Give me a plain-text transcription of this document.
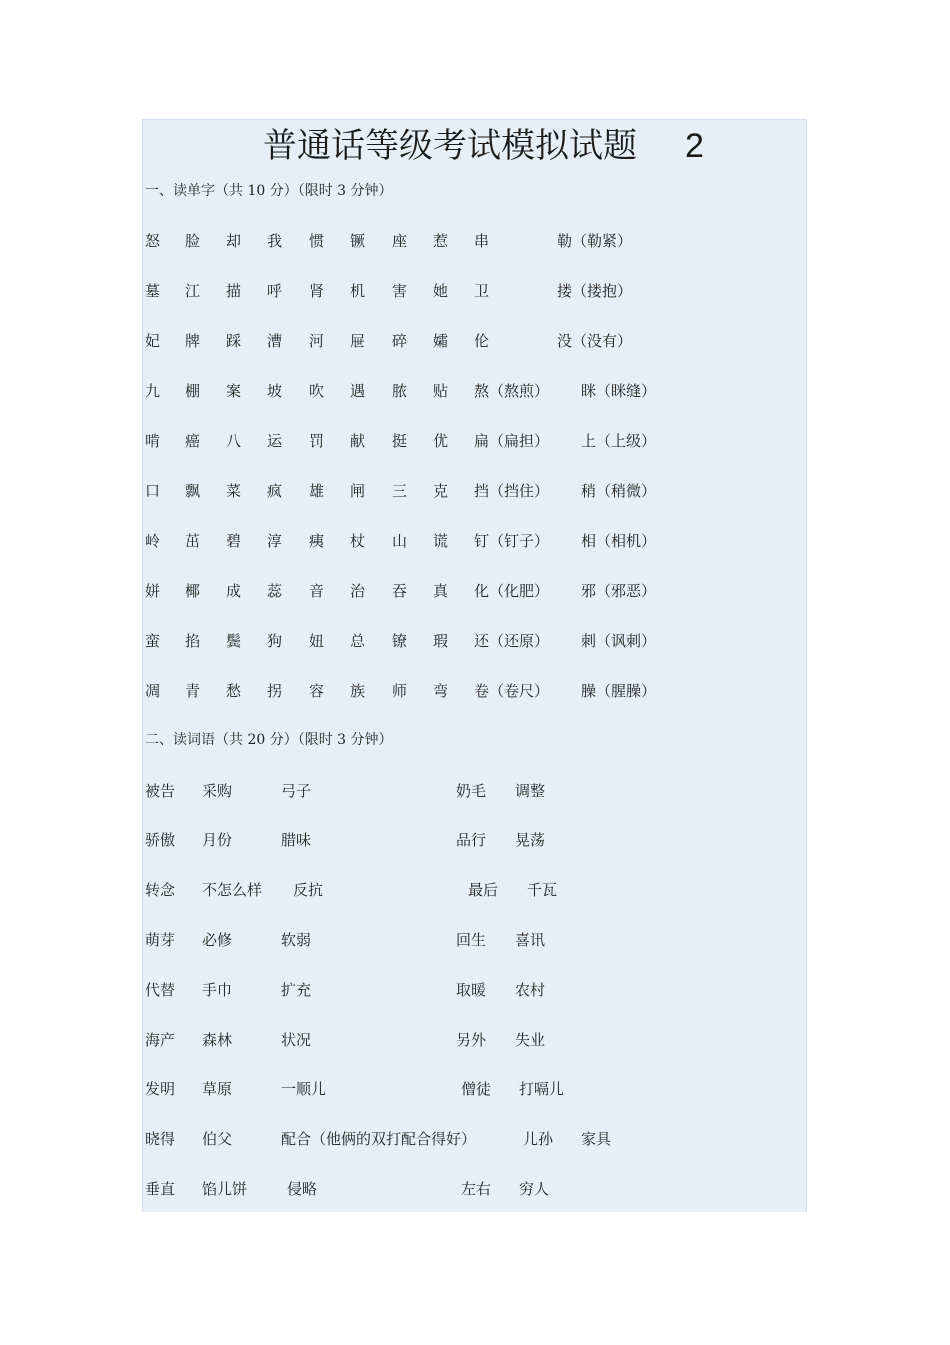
普通话等级考试模拟试题 2
一、读单字（共 10 分）（限时 3 分钟）
怒 脸 却 我 惯 镢 座 惹 串	勒（勒紧）
墓 江 描 呼 肾 机 害 她 卫	搂（搂抱）
妃 牌 踩 漕 河 屉 碎 孀 伦	没（没有）
九 棚 案 坡 吹 遇 脓 贴 熬（熬煎） 眯（眯缝）
啃 癌 八 运 罚 献 挺 优 扁（扁担） 上（上级）
口 飘 菜 疯 雄 闸 三 克 挡（挡住） 稍（稍微）
岭 茁 碧 淳 痍 杖 山 谎 钉（钉子） 相（相机）
姘 椰 成 蕊 音 治 吞 真 化（化肥） 邪（邪恶）
蛮 掐 鬓 狗 妞 总 镣 瑕 还（还原） 刺（讽刺）
凋 青 愁 拐 容 族 师 弯 卷（卷尺） 臊（腥臊）
二、读词语（共 20 分）（限时 3 分钟）
被告 采购	弓子	奶毛 调整
骄傲 月份	腊味	品行 晃荡
转念 不怎么样 反抗	最后 千瓦
萌芽 必修	软弱	回生 喜讯
代替 手巾	扩充	取暖 农村
海产 森林	状况	另外 失业
发明 草原	一顺儿	僧徒 打嗝儿
晓得 伯父	配合（他俩的双打配合得好）	儿孙 家具
垂直 馅儿饼	侵略	左右 穷人
